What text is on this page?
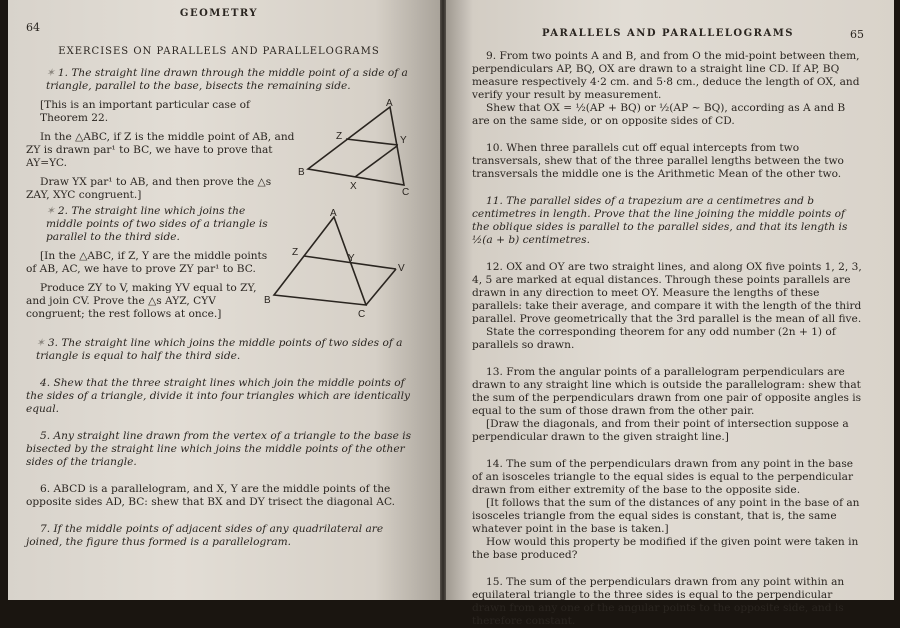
GEOMETRY
64
EXERCISES ON PARALLELS AND PARALLELOGRAMS

✶ 1. The straight line drawn through the middle point of a side of a triangle, parallel to the base, bisects the remaining side.

[This is an important particular case of Theorem 22.

In the △ABC, if Z is the middle point of AB, and ZY is drawn par¹ to BC, we have to prove that AY=YC.

Draw YX par¹ to AB, and then prove the △s ZAY, XYC congruent.]

A
Z	Y
B
X
C

✶ 2. The straight line which joins the middle points of two sides of a triangle is parallel to the third side.

[In the △ABC, if Z, Y are the middle points of AB, AC, we have to prove ZY par¹ to BC.

Produce ZY to V, making YV equal to ZY, and join CV. Prove the △s AYZ, CYV congruent; the rest follows at once.]

A
Z
Y
V
B
C

✶ 3. The straight line which joins the middle points of two sides of a triangle is equal to half the third side.

4. Shew that the three straight lines which join the middle points of the sides of a triangle, divide it into four triangles which are identically equal.

5. Any straight line drawn from the vertex of a triangle to the base is bisected by the straight line which joins the middle points of the other sides of the triangle.

6. ABCD is a parallelogram, and X, Y are the middle points of the opposite sides AD, BC: shew that BX and DY trisect the diagonal AC.

7. If the middle points of adjacent sides of any quadrilateral are joined, the figure thus formed is a parallelogram.

PARALLELS AND PARALLELOGRAMS	65

9. From two points A and B, and from O the mid-point between them, perpendiculars AP, BQ, OX are drawn to a straight line CD. If AP, BQ measure respectively 4·2 cm. and 5·8 cm., deduce the length of OX, and verify your result by measurement.

Shew that OX = ½(AP + BQ) or ½(AP ~ BQ), according as A and B are on the same side, or on opposite sides of CD.

10. When three parallels cut off equal intercepts from two transversals, shew that of the three parallel lengths between the two transversals the middle one is the Arithmetic Mean of the other two.

11. The parallel sides of a trapezium are a centimetres and b centimetres in length. Prove that the line joining the middle points of the oblique sides is parallel to the parallel sides, and that its length is ½(a + b) centimetres.

12. OX and OY are two straight lines, and along OX five points 1, 2, 3, 4, 5 are marked at equal distances. Through these points parallels are drawn in any direction to meet OY. Measure the lengths of these parallels: take their average, and compare it with the length of the third parallel. Prove geometrically that the 3rd parallel is the mean of all five.

State the corresponding theorem for any odd number (2n + 1) of parallels so drawn.

13. From the angular points of a parallelogram perpendiculars are drawn to any straight line which is outside the parallelogram: shew that the sum of the perpendiculars drawn from one pair of opposite angles is equal to the sum of those drawn from the other pair.

[Draw the diagonals, and from their point of intersection suppose a perpendicular drawn to the given straight line.]

14. The sum of the perpendiculars drawn from any point in the base of an isosceles triangle to the equal sides is equal to the perpendicular drawn from either extremity of the base to the opposite side.

[It follows that the sum of the distances of any point in the base of an isosceles triangle from the equal sides is constant, that is, the same whatever point in the base is taken.]

How would this property be modified if the given point were taken in the base produced?

15. The sum of the perpendiculars drawn from any point within an equilateral triangle to the three sides is equal to the perpendicular drawn from any one of the angular points to the opposite side, and is therefore constant.
